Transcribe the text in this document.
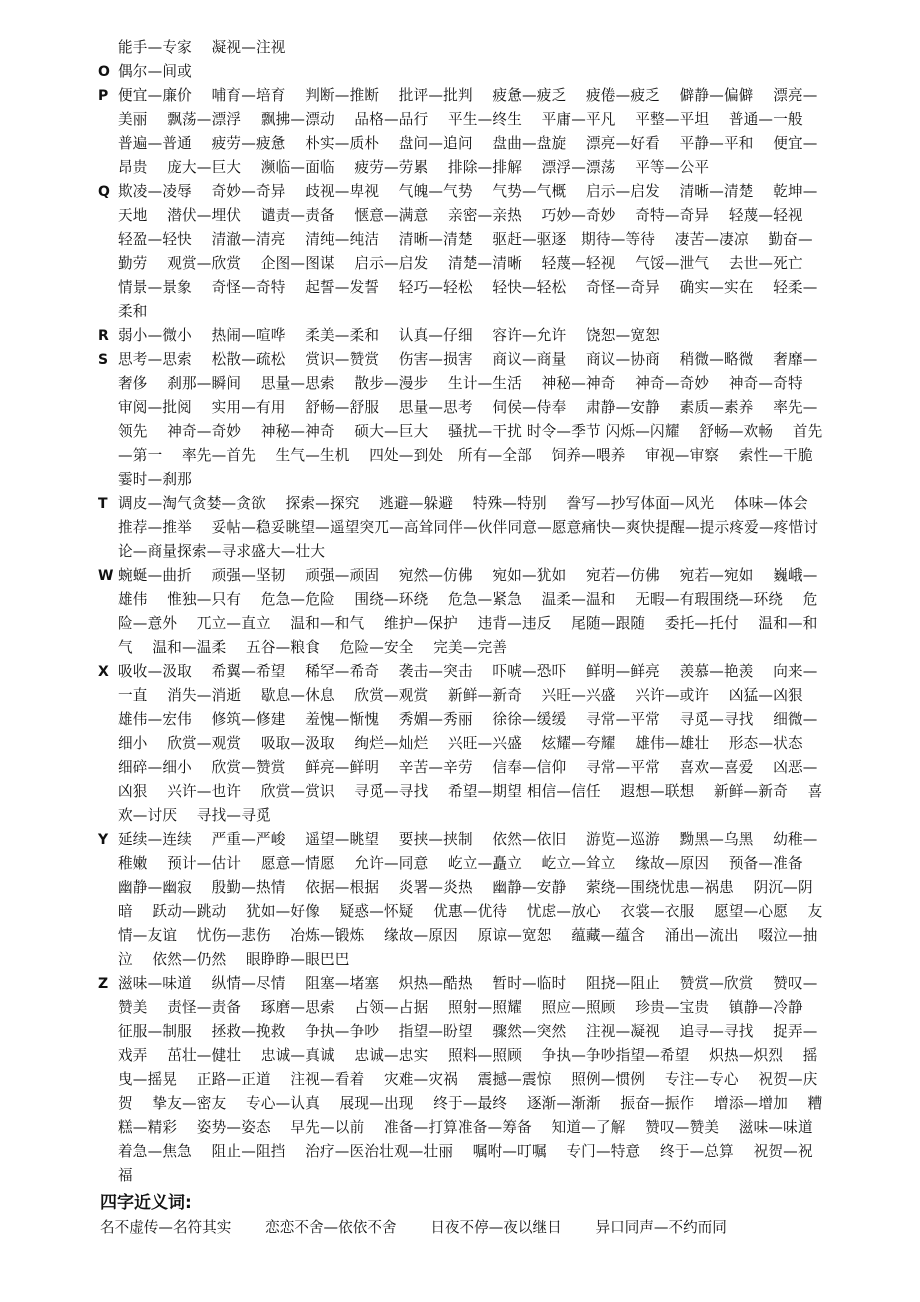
能手—专家　 凝视—注视
O 偶尔—间或
P 便宜—廉价　 哺育—培育　 判断—推断　 批评—批判　 疲惫—疲乏　 疲倦—疲乏　 僻静—偏僻　 漂亮—美丽　 飘荡—漂浮　 飘拂—漂动　 品格—品行　 平生—终生　 平庸—平凡　 平整—平坦　 普通—一般　 普遍—普通　 疲劳—疲惫　 朴实—质朴　 盘问—追问　 盘曲—盘旋　 漂亮—好看　 平静—平和　 便宜—昂贵　 庞大—巨大　 濒临—面临　 疲劳—劳累　 排除—排解　 漂浮—漂荡　 平等—公平
Q 欺凌—凌辱　 奇妙—奇异　 歧视—卑视　 气魄—气势　 气势—气概　 启示—启发　 清晰—清楚　 乾坤—天地　 潜伏—埋伏　 谴责—责备　 惬意—满意　 亲密—亲热　 巧妙—奇妙　 奇特—奇异　 轻蔑—轻视　 轻盈—轻快　 清澈—清亮　 清纯—纯洁　 清晰—清楚　 驱赶—驱逐　期待—等待　 凄苦—凄凉　 勤奋—勤劳　 观赏—欣赏　 企图—图谋　 启示—启发　 清楚—清晰　 轻蔑—轻视　 气馁—泄气　 去世—死亡　 情景—景象　 奇怪—奇特　 起誓—发誓　 轻巧—轻松　 轻快—轻松　 奇怪—奇异　 确实—实在　 轻柔—柔和
R 弱小—微小　 热闹—喧哗　 柔美—柔和　 认真—仔细　 容许—允许　 饶恕—宽恕
S 思考—思索　 松散—疏松　 赏识—赞赏　 伤害—损害　 商议—商量　 商议—协商　 稍微—略微　 奢靡—奢侈　 刹那—瞬间　 思量—思索　 散步—漫步　 生计—生活　 神秘—神奇　 神奇—奇妙　 神奇—奇特　 审阅—批阅　 实用—有用　 舒畅—舒服　 思量—思考　 伺侯—侍奉　 肃静—安静　 素质—素养　 率先—领先　 神奇—奇妙　 神秘—神奇　 硕大—巨大　 骚扰—干扰 时令—季节 闪烁—闪耀　 舒畅—欢畅　 首先—第一　 率先—首先　 生气—生机　 四处—到处　所有—全部　 饲养—喂养　 审视—审察　 索性—干脆　 霎时—刹那
T 调皮—淘气贪婪—贪欲　 探索—探究　 逃避—躲避　 特殊—特别　 誊写—抄写体面—风光　 体味—体会　 推荐—推举　 妥帖—稳妥眺望—遥望突兀—高耸同伴—伙伴同意—愿意痛快—爽快提醒—提示疼爱—疼惜讨论—商量探索—寻求盛大—壮大
W 蜿蜒—曲折　 顽强—坚韧　 顽强—顽固　 宛然—仿佛　 宛如—犹如　 宛若—仿佛　 宛若—宛如　 巍峨—雄伟　 惟独—只有　 危急—危险　 围绕—环绕　 危急—紧急　 温柔—温和　 无暇—有瑕围绕—环绕　 危险—意外　 兀立—直立　 温和—和气　 维护—保护　 违背—违反　 尾随—跟随　 委托—托付　 温和—和气　 温和—温柔　 五谷—粮食　 危险—安全　 完美—完善
X 吸收—汲取　 希翼—希望　 稀罕—希奇　 袭击—突击　 吓唬—恐吓　 鲜明—鲜亮　 羡慕—艳羡　 向来—一直　 消失—消逝　 歇息—休息　 欣赏—观赏　 新鲜—新奇　 兴旺—兴盛　 兴许—或许　 凶猛—凶狠　 雄伟—宏伟　 修筑—修建　 羞愧—惭愧　 秀媚—秀丽　 徐徐—缓缓　 寻常—平常　 寻觅—寻找　 细微—细小　 欣赏—观赏　 吸取—汲取　 绚烂—灿烂　 兴旺—兴盛　 炫耀—夸耀　 雄伟—雄壮　 形态—状态　 细碎—细小　 欣赏—赞赏　 鲜亮—鲜明　 辛苦—辛劳　 信奉—信仰　 寻常—平常　 喜欢—喜爱　 凶恶—凶狠　 兴许—也许　 欣赏—赏识　 寻觅—寻找　 希望—期望 相信—信任　 遐想—联想　 新鲜—新奇　 喜欢—讨厌　 寻找—寻觅
Y 延续—连续　 严重—严峻　 遥望—眺望　 要挟—挟制　 依然—依旧　 游览—巡游　 黝黑—乌黑　 幼稚—稚嫩　 预计—估计　 愿意—情愿　 允许—同意　 屹立—矗立　 屹立—耸立　 缘故—原因　 预备—准备　 幽静—幽寂　 殷勤—热情　 依据—根据　 炎署—炎热　 幽静—安静　 萦绕—围绕忧患—祸患　 阴沉—阴暗　 跃动—跳动　 犹如—好像　 疑惑—怀疑　 优惠—优待　 忧虑—放心　 衣裳—衣服　 愿望—心愿　 友情—友谊　 忧伤—悲伤　 冶炼—锻炼　 缘故—原因　 原谅—宽恕　 蕴藏—蕴含　 涌出—流出　 啜泣—抽泣　 依然—仍然　 眼睁睁—眼巴巴
Z 滋味—味道　 纵情—尽情　 阻塞—堵塞　 炽热—酷热　 暂时—临时　 阻挠—阻止　 赞赏—欣赏　 赞叹—赞美　 责怪—责备　 琢磨—思索　 占领—占据　 照射—照耀　 照应—照顾　 珍贵—宝贵　 镇静—冷静　 征服—制服　 拯救—挽救　 争执—争吵　 指望—盼望　 骤然—突然　 注视—凝视　 追寻—寻找　 捉弄—戏弄　 茁壮—健壮　 忠诚—真诚　 忠诚—忠实　 照料—照顾　 争执—争吵指望—希望　 炽热—炽烈　 摇曳—摇晃　 正路—正道　 注视—看着　 灾难—灾祸　 震撼—震惊　 照例—惯例　 专注—专心　 祝贺—庆贺　 挚友—密友　 专心—认真　 展现—出现　 终于—最终　 逐渐—渐渐　 振奋—振作　 增添—增加　 糟糕—精彩　 姿势—姿态　 早先—以前　 准备—打算准备—筹备　 知道—了解　 赞叹—赞美　 滋味—味道　 着急—焦急　 阻止—阻挡　 治疗—医治壮观—壮丽　 嘱咐—叮嘱　 专门—特意　 终于—总算　 祝贺—祝福
四字近义词:
名不虚传—名符其实　　 恋恋不舍—依依不舍　　 日夜不停—夜以继日　　 异口同声—不约而同
